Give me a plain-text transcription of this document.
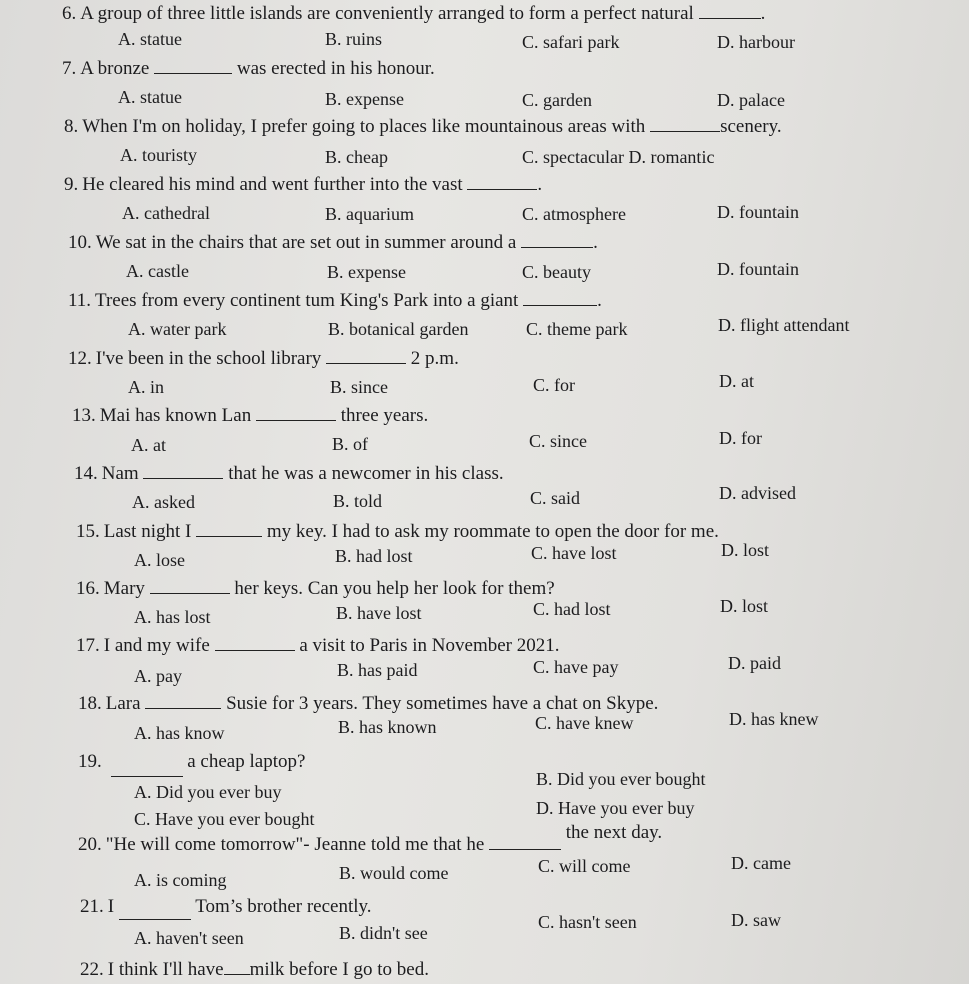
6. A group of three little islands are conveniently arranged to form a perfect natural	.
A. statue	B. ruins	C. safari park	D. harbour
7. A bronze	was erected in his honour.
A. statue	B. expense	C. garden	D. palace
8. When I'm on holiday, I prefer going to places like mountainous areas with	scenery.
A. touristy	B. cheap	C. spectacular D. romantic
9. He cleared his mind and went further into the vast	.
A. cathedral	B. aquarium	C. atmosphere	D. fountain
10. We sat in the chairs that are set out in summer around a	.
A. castle	B. expense	C. beauty	D. fountain
11. Trees from every continent tum King's Park into a giant	.
A. water park	B. botanical garden	C. theme park	D. flight attendant
12. I've been in the school library	2 p.m.
A. in	B. since	C. for	D. at
13. Mai has known Lan	three years.
A. at	B. of	C. since	D. for
14. Nam	that he was a newcomer in his class.
A. asked	B. told	C. said	D. advised
15. Last night I	my key. I had to ask my roommate to open the door for me.
A. lose	B. had lost	C. have lost	D. lost
16. Mary	her keys. Can you help her look for them?
A. has lost	B. have lost	C. had lost	D. lost
17. I and my wife	a visit to Paris in November 2021.
A. pay	B. has paid	C. have pay	D. paid
18. Lara	Susie for 3 years. They sometimes have a chat on Skype.
A. has know	B. has known	C. have knew	D. has knew
19.	a cheap laptop?
A. Did you ever buy
B. Did you ever bought
C. Have you ever bought
D. Have you ever buy
20. "He will come tomorrow"- Jeanne told me that he  the next day.
A. is coming	B. would come	C. will come	D. came
21. I	Tom’s brother recently.
A. haven't seen	B. didn't see
C. hasn't seen	D. saw
22. I think I'll have milk before I go to bed.
